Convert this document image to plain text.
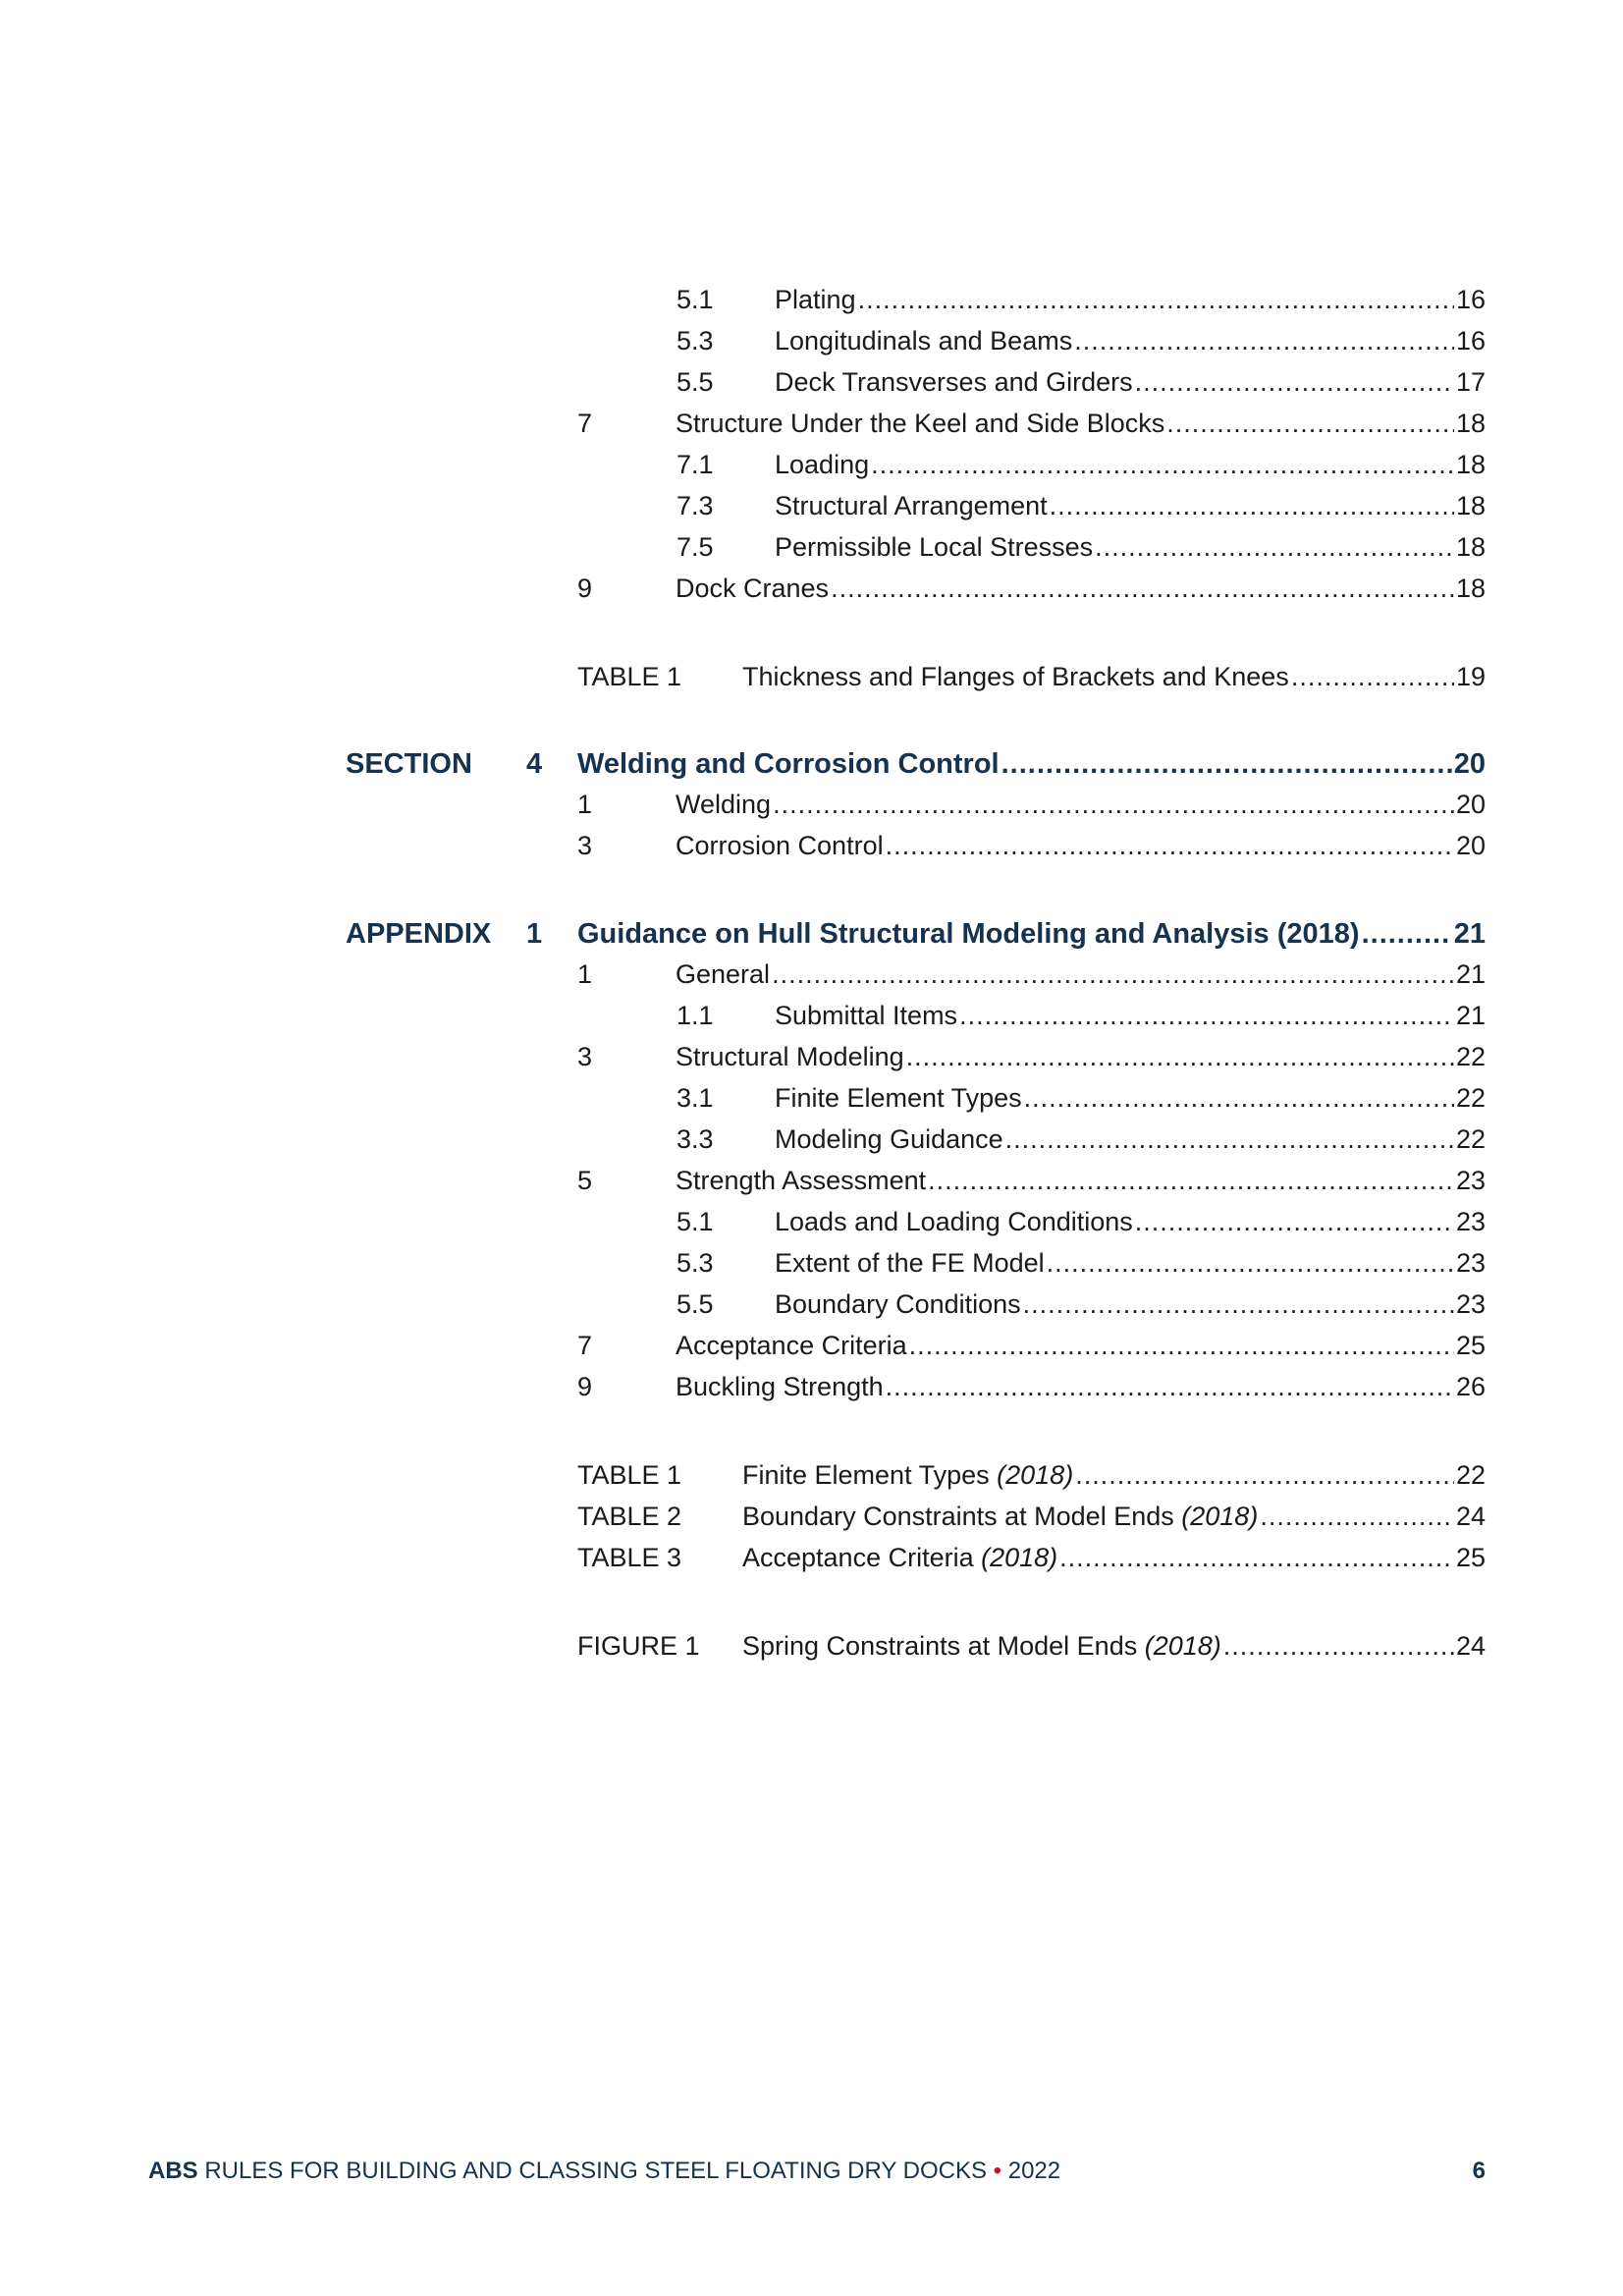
5.1	Plating .....	16
5.3	Longitudinals and Beams .....	16
5.5	Deck Transverses and Girders .....	17
7	Structure Under the Keel and Side Blocks .....	18
7.1	Loading .....	18
7.3	Structural Arrangement .....	18
7.5	Permissible Local Stresses .....	18
9	Dock Cranes .....	18
TABLE 1	Thickness and Flanges of Brackets and Knees .....	19
SECTION 4 Welding and Corrosion Control .....	20
1	Welding .....	20
3	Corrosion Control .....	20
APPENDIX 1 Guidance on Hull Structural Modeling and Analysis (2018) .....	21
1	General .....	21
1.1	Submittal Items .....	21
3	Structural Modeling .....	22
3.1	Finite Element Types .....	22
3.3	Modeling Guidance .....	22
5	Strength Assessment .....	23
5.1	Loads and Loading Conditions .....	23
5.3	Extent of the FE Model .....	23
5.5	Boundary Conditions .....	23
7	Acceptance Criteria .....	25
9	Buckling Strength .....	26
TABLE 1	Finite Element Types (2018) .....	22
TABLE 2	Boundary Constraints at Model Ends (2018) .....	24
TABLE 3	Acceptance Criteria (2018) .....	25
FIGURE 1	Spring Constraints at Model Ends (2018) .....	24
ABS RULES FOR BUILDING AND CLASSING STEEL FLOATING DRY DOCKS • 2022	6
